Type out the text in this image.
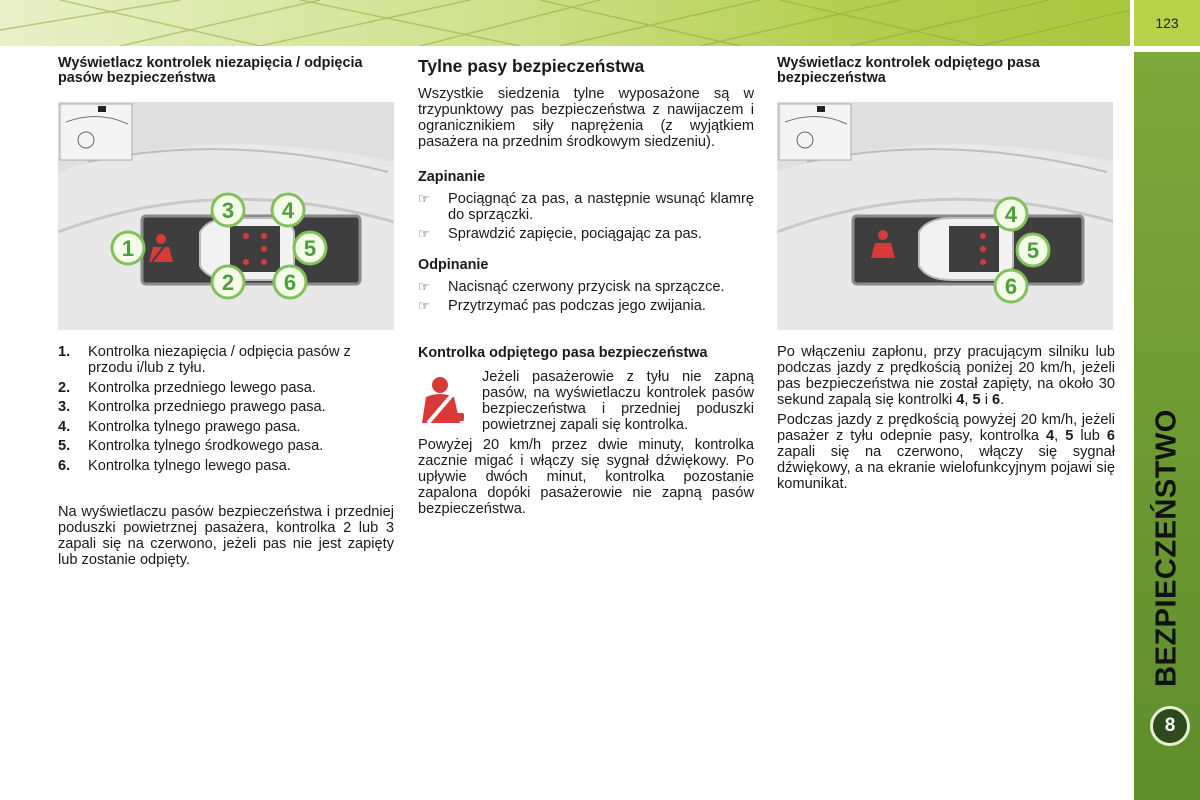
123
BEZPIECZEŃSTWO
8
Wyświetlacz kontrolek niezapięcia / odpięcia pasów bezpieczeństwa
1
2
3 4
5
6
1.	Kontrolka niezapięcia / odpięcia pasów z przodu i/lub z tyłu.
2.	Kontrolka przedniego lewego pasa.
3.	Kontrolka przedniego prawego pasa.
4.	Kontrolka tylnego prawego pasa.
5.	Kontrolka tylnego środkowego pasa.
6.	Kontrolka tylnego lewego pasa.

Na wyświetlaczu pasów bezpieczeństwa i przedniej poduszki powietrznej pasażera, kontrolka 2 lub 3 zapali się na czerwono, jeżeli pas nie jest zapięty lub zostanie odpięty.

Tylne pasy bezpieczeństwa

Wszystkie siedzenia tylne wyposażone są w trzypunktowy pas bezpieczeństwa z nawijaczem i ogranicznikiem siły naprężenia (z wyjątkiem pasażera na przednim środkowym siedzeniu).

Zapinanie
☞	Pociągnąć za pas, a następnie wsunąć klamrę do sprzączki.
☞	Sprawdzić zapięcie, pociągając za pas.
Odpinanie
☞	Nacisnąć czerwony przycisk na sprzączce.
☞	Przytrzymać pas podczas jego zwijania.
Kontrolka odpiętego pasa bezpieczeństwa

Jeżeli pasażerowie z tyłu nie zapną pasów, na wyświetlaczu kontrolek pasów bezpieczeństwa i przedniej poduszki powietrznej zapali się kontrolka.

Powyżej 20 km/h przez dwie minuty, kontrolka zacznie migać i włączy się sygnał dźwiękowy. Po upływie dwóch minut, kontrolka pozostanie zapalona dopóki pasażerowie nie zapną pasów bezpieczeństwa.

Wyświetlacz kontrolek odpiętego pasa bezpieczeństwa
4
5
6

Po włączeniu zapłonu, przy pracującym silniku lub podczas jazdy z prędkością poniżej 20 km/h, jeżeli pas bezpieczeństwa nie został zapięty, na około 30 sekund zapalą się kontrolki 4, 5 i 6.

Podczas jazdy z prędkością powyżej 20 km/h, jeżeli pasażer z tyłu odepnie pasy, kontrolka 4, 5 lub 6 zapali się na czerwono, włączy się sygnał dźwiękowy, a na ekranie wielofunkcyjnym pojawi się komunikat.
